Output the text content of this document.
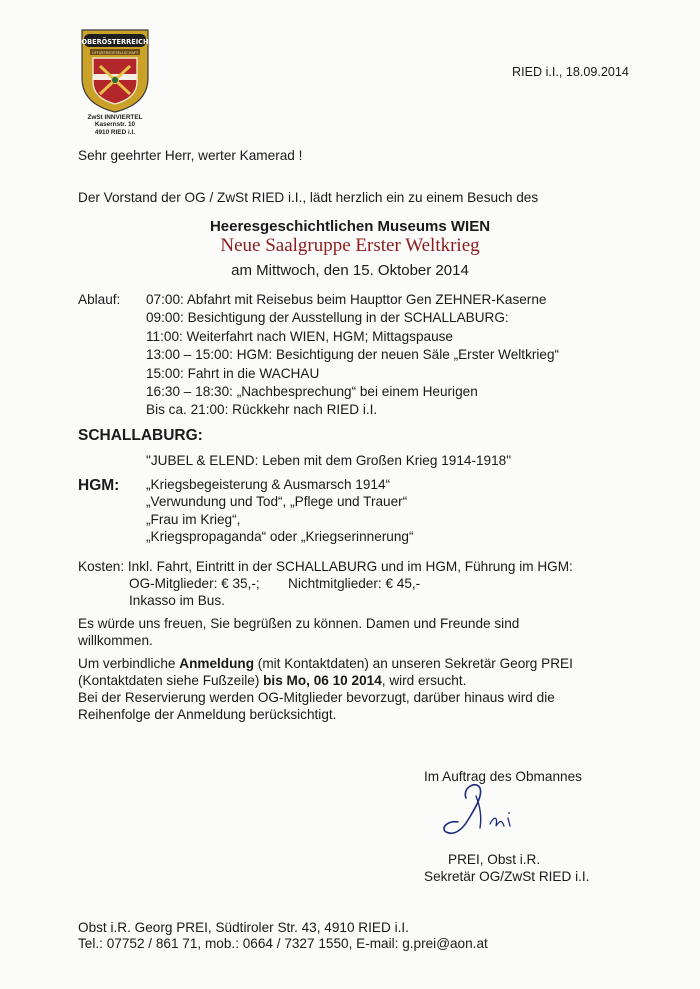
OBERÖSTERREICH
OFFIZIERSGESELLSCHAFT
ZwSt INNVIERTEL
Kasernstr. 10
4910 RIED i.I.
RIED i.I., 18.09.2014
Sehr geehrter Herr, werter Kamerad !
Der Vorstand der OG / ZwSt RIED i.I., lädt herzlich ein zu einem Besuch des
Heeresgeschichtlichen Museums WIEN
Neue Saalgruppe Erster Weltkrieg
am Mittwoch, den 15. Oktober 2014
Ablauf: 07:00: Abfahrt mit Reisebus beim Haupttor Gen ZEHNER-Kaserne
09:00: Besichtigung der Ausstellung in der SCHALLABURG:
11:00: Weiterfahrt nach WIEN, HGM; Mittagspause
13:00 – 15:00: HGM: Besichtigung der neuen Säle „Erster Weltkrieg“
15:00: Fahrt in die WACHAU
16:30 – 18:30: „Nachbesprechung“ bei einem Heurigen
Bis ca. 21:00: Rückkehr nach RIED i.I.
SCHALLABURG:
"JUBEL & ELEND: Leben mit dem Großen Krieg 1914-1918"
HGM: „Kriegsbegeisterung & Ausmarsch 1914“
„Verwundung und Tod“, „Pflege und Trauer“
„Frau im Krieg“,
„Kriegspropaganda“ oder „Kriegserinnerung“
Kosten: Inkl. Fahrt, Eintritt in der SCHALLABURG und im HGM, Führung im HGM:
OG-Mitglieder: € 35,-; Nichtmitglieder: € 45,-
Inkasso im Bus.
Es würde uns freuen, Sie begrüßen zu können. Damen und Freunde sind
willkommen.
Um verbindliche Anmeldung (mit Kontaktdaten) an unseren Sekretär Georg PREI
(Kontaktdaten siehe Fußzeile) bis Mo, 06 10 2014, wird ersucht.
Bei der Reservierung werden OG-Mitglieder bevorzugt, darüber hinaus wird die
Reihenfolge der Anmeldung berücksichtigt.
Im Auftrag des Obmannes
PREI, Obst i.R.
Sekretär OG/ZwSt RIED i.I.
Obst i.R. Georg PREI, Südtiroler Str. 43, 4910 RIED i.I.
Tel.: 07752 / 861 71, mob.: 0664 / 7327 1550, E-mail: g.prei@aon.at
